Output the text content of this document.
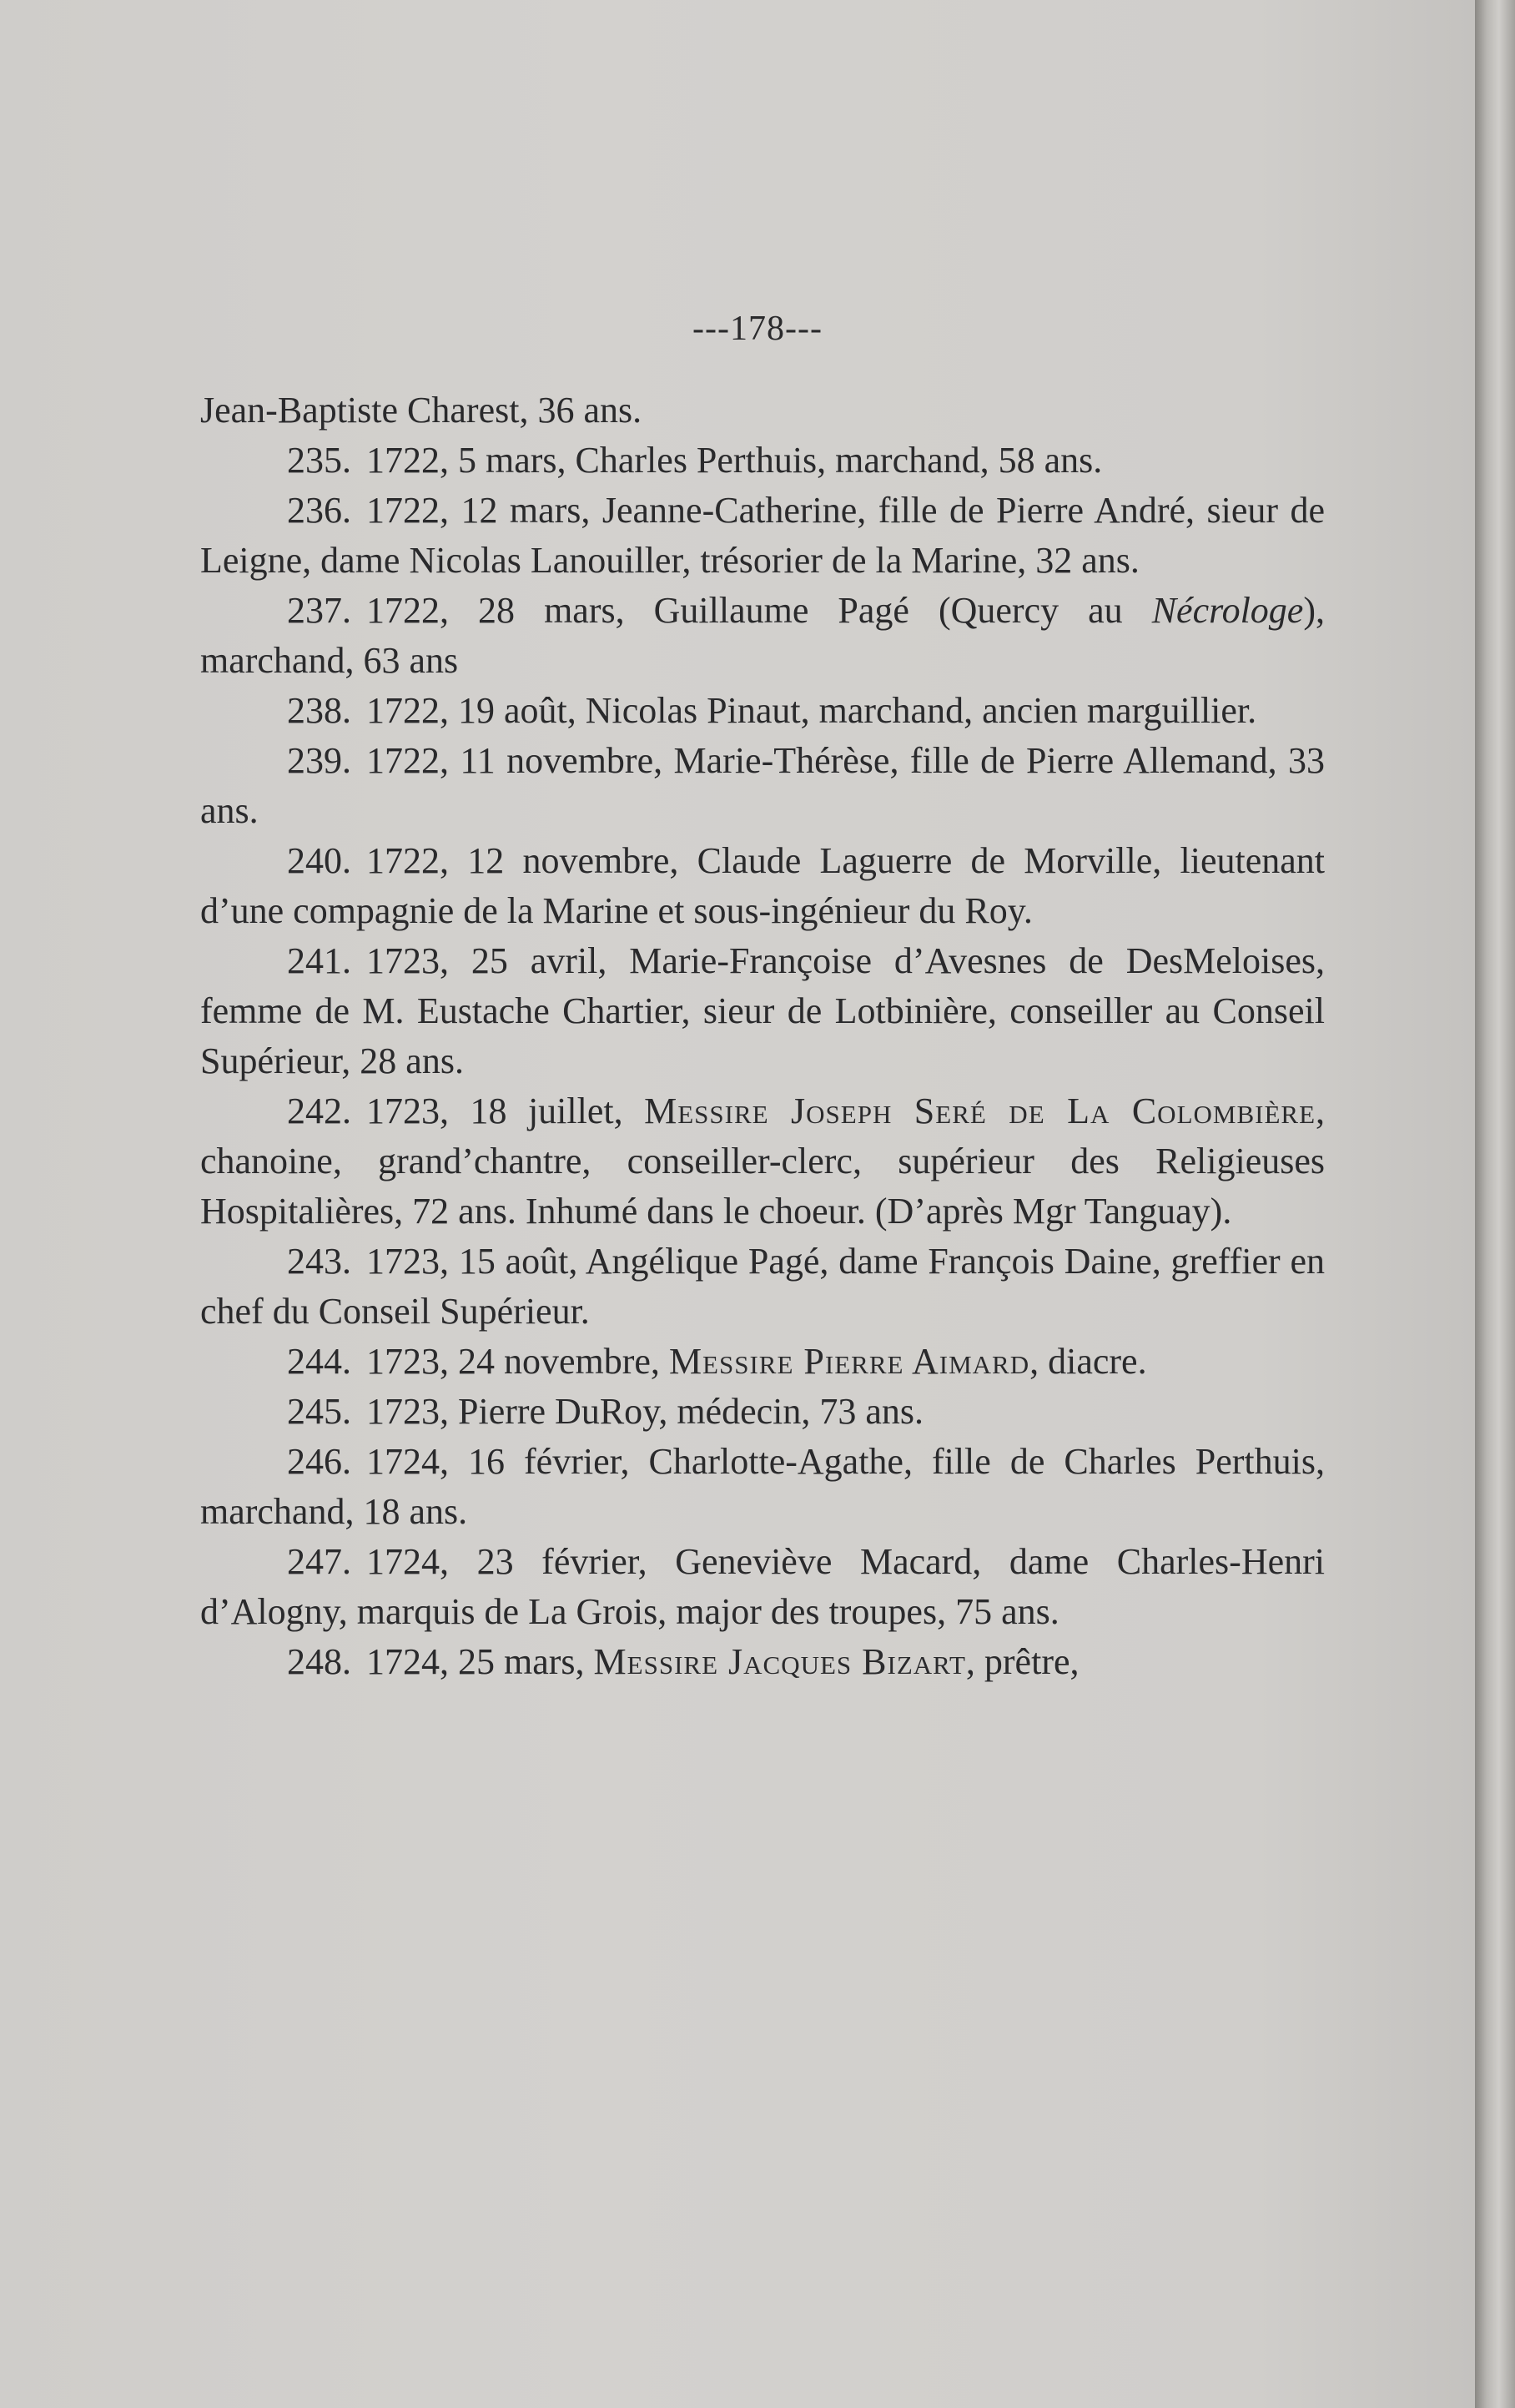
---178---

Jean-Baptiste Charest, 36 ans.

235. 1722, 5 mars, Charles Perthuis, marchand, 58 ans.

236. 1722, 12 mars, Jeanne-Catherine, fille de Pierre André, sieur de Leigne, dame Nicolas Lanouiller, trésorier de la Marine, 32 ans.

237. 1722, 28 mars, Guillaume Pagé (Quercy au Nécrologe), marchand, 63 ans

238. 1722, 19 août, Nicolas Pinaut, marchand, ancien marguillier.

239. 1722, 11 novembre, Marie-Thérèse, fille de Pierre Allemand, 33 ans.

240. 1722, 12 novembre, Claude Laguerre de Morville, lieutenant d’une compagnie de la Marine et sous-ingénieur du Roy.

241. 1723, 25 avril, Marie-Françoise d’Avesnes de DesMeloises, femme de M. Eustache Chartier, sieur de Lotbinière, conseiller au Conseil Supérieur, 28 ans.

242. 1723, 18 juillet, Messire Joseph Seré de La Colombière, chanoine, grand’chantre, conseiller-clerc, supérieur des Religieuses Hospitalières, 72 ans. Inhumé dans le choeur. (D’après Mgr Tanguay).

243. 1723, 15 août, Angélique Pagé, dame François Daine, greffier en chef du Conseil Supérieur.

244. 1723, 24 novembre, Messire Pierre Aimard, diacre.

245. 1723, Pierre DuRoy, médecin, 73 ans.

246. 1724, 16 février, Charlotte-Agathe, fille de Charles Perthuis, marchand, 18 ans.

247. 1724, 23 février, Geneviève Macard, dame Charles-Henri d’Alogny, marquis de La Grois, major des troupes, 75 ans.

248. 1724, 25 mars, Messire Jacques Bizart, prêtre,
